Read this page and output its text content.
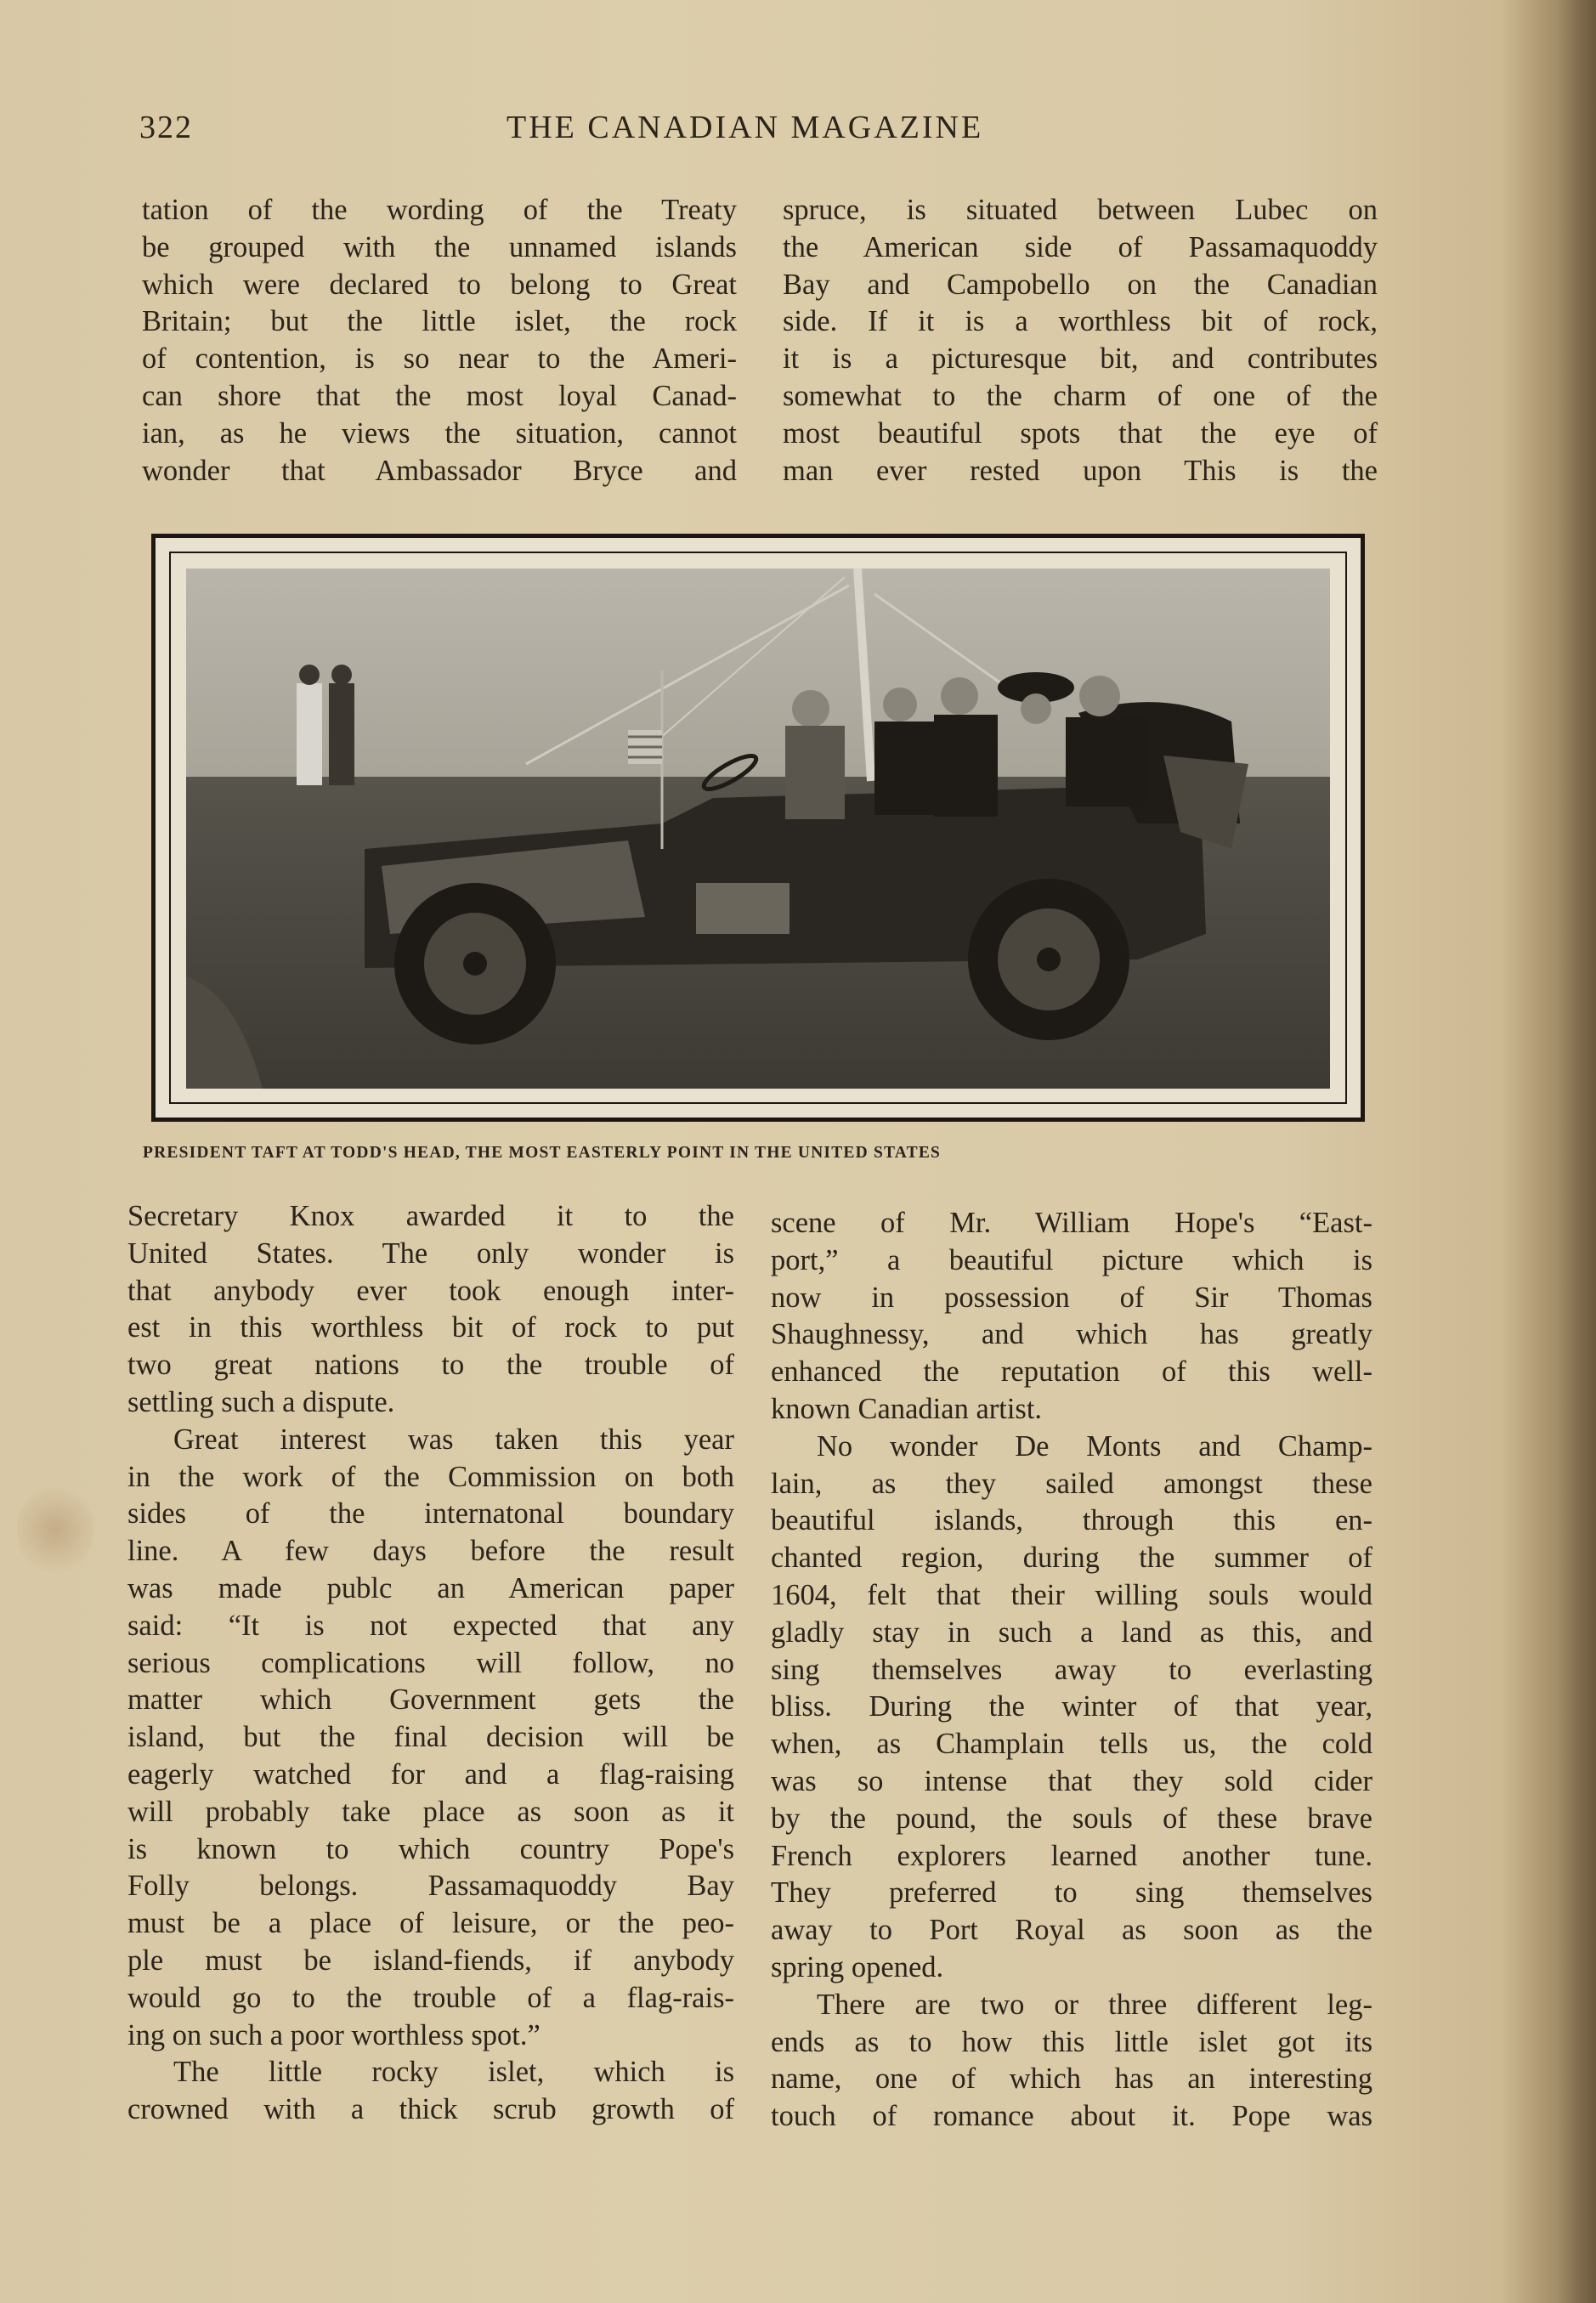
322	THE CANADIAN MAGAZINE
tation of the wording of the Treaty
be grouped with the unnamed islands
which were declared to belong to Great
Britain; but the little islet, the rock
of contention, is so near to the Ameri-
can shore that the most loyal Canad-
ian, as he views the situation, cannot
wonder that Ambassador Bryce and
spruce, is situated between Lubec on
the American side of Passamaquoddy
Bay and Campobello on the Canadian
side. If it is a worthless bit of rock,
it is a picturesque bit, and contributes
somewhat to the charm of one of the
most beautiful spots that the eye of
man ever rested upon This is the
PRESIDENT TAFT AT TODD'S HEAD, THE MOST EASTERLY POINT IN THE UNITED STATES
Secretary Knox awarded it to the
United States. The only wonder is
that anybody ever took enough inter-
est in this worthless bit of rock to put
two great nations to the trouble of
settling such a dispute.
Great interest was taken this year
in the work of the Commission on both
sides of the internatonal boundary
line. A few days before the result
was made publc an American paper
said: “It is not expected that any
serious complications will follow, no
matter which Government gets the
island, but the final decision will be
eagerly watched for and a flag-raising
will probably take place as soon as it
is known to which country Pope's
Folly belongs. Passamaquoddy Bay
must be a place of leisure, or the peo-
ple must be island-fiends, if anybody
would go to the trouble of a flag-rais-
ing on such a poor worthless spot.”
The little rocky islet, which is
crowned with a thick scrub growth of
scene of Mr. William Hope's “East-
port,” a beautiful picture which is
now in possession of Sir Thomas
Shaughnessy, and which has greatly
enhanced the reputation of this well-
known Canadian artist.
No wonder De Monts and Champ-
lain, as they sailed amongst these
beautiful islands, through this en-
chanted region, during the summer of
1604, felt that their willing souls would
gladly stay in such a land as this, and
sing themselves away to everlasting
bliss. During the winter of that year,
when, as Champlain tells us, the cold
was so intense that they sold cider
by the pound, the souls of these brave
French explorers learned another tune.
They preferred to sing themselves
away to Port Royal as soon as the
spring opened.
There are two or three different leg-
ends as to how this little islet got its
name, one of which has an interesting
touch of romance about it. Pope was
